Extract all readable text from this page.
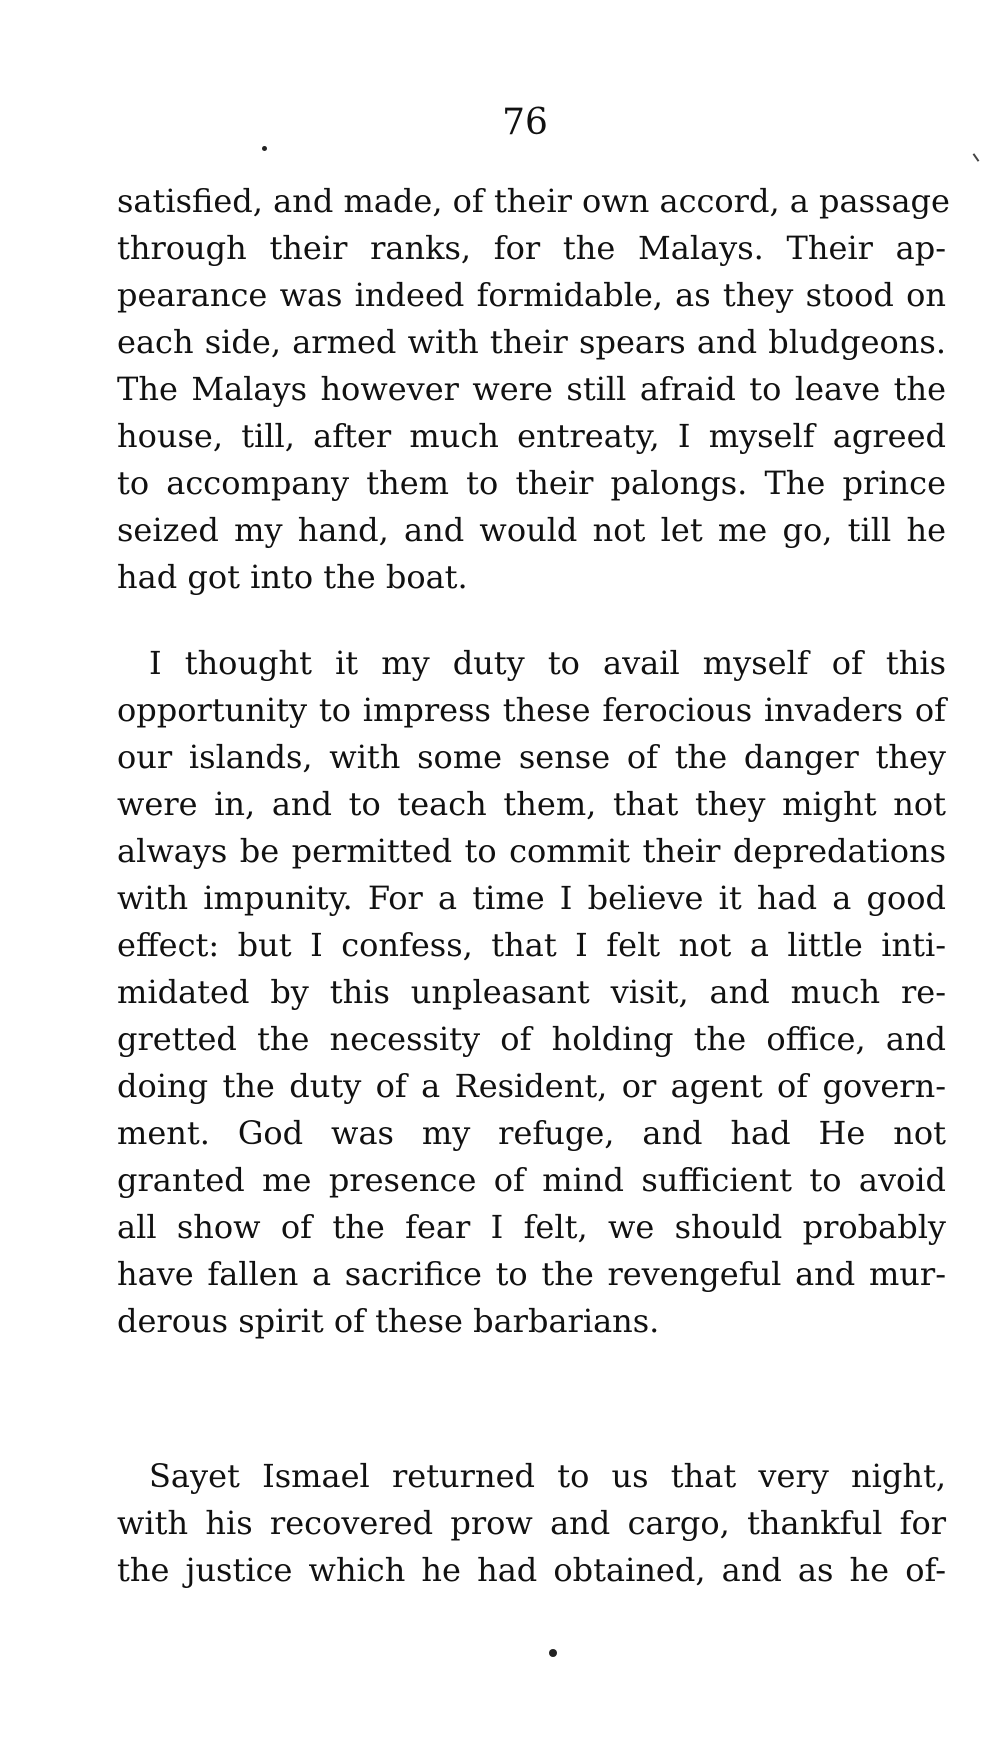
76
satisfied, and made, of their own accord, a passage
through their ranks, for the Malays. Their ap-
pearance was indeed formidable, as they stood on
each side, armed with their spears and bludgeons.
The Malays however were still afraid to leave the
house, till, after much entreaty, I myself agreed
to accompany them to their palongs. The prince
seized my hand, and would not let me go, till he
had got into the boat.
I thought it my duty to avail myself of this
opportunity to impress these ferocious invaders of
our islands, with some sense of the danger they
were in, and to teach them, that they might not
always be permitted to commit their depredations
with impunity. For a time I believe it had a good
effect: but I confess, that I felt not a little inti-
midated by this unpleasant visit, and much re-
gretted the necessity of holding the office, and
doing the duty of a Resident, or agent of govern-
ment. God was my refuge, and had He not
granted me presence of mind sufficient to avoid
all show of the fear I felt, we should probably
have fallen a sacrifice to the revengeful and mur-
derous spirit of these barbarians.
Sayet Ismael returned to us that very night,
with his recovered prow and cargo, thankful for
the justice which he had obtained, and as he of-
